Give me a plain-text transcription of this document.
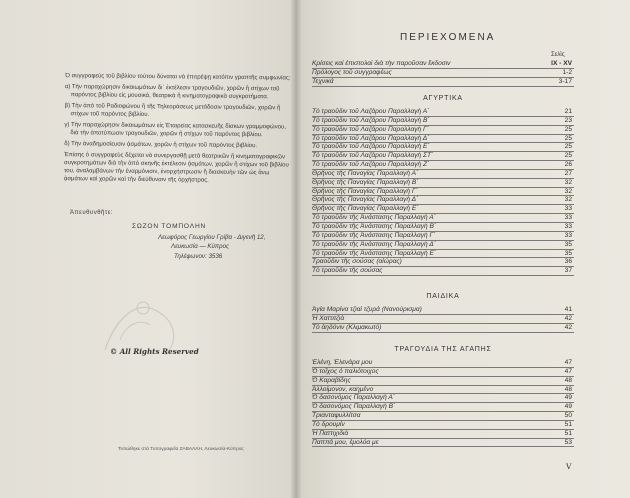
Ὁ συγγραφεὺς τοῦ βιβλίου τούτου δύναται νὰ ἐπιτρέψῃ κατόπιν γραπτῆς συμφωνίας:

α) Τὴν παραχώρησιν δικαιωμάτων δι᾽ ἐκτέλεσιν τραγουδιῶν, χορῶν ἢ στίχων τοῦ παρόντος βιβλίου εἰς μουσικά, θεατρικὰ ἢ κινηματογραφικὰ συγκροτήματα.

β) Τὴν ἀπὸ τοῦ Ραδιοφώνου ἢ τῆς Τηλεοράσεως μετάδοσιν τραγουδιῶν, χορῶν ἢ στίχων τοῦ παρόντος βιβλίου.

γ) Τὴν παραχώρησιν δικαιωμάτων εἰς Ἑταιρείας κατασκευῆς δίσκων γραμμοφώνου, διὰ τὴν ἀποτύπωσιν τραγουδιῶν, χορῶν ἢ στίχων τοῦ παρόντος βιβλίου.

δ) Τὴν ἀναδημοσίευσιν ᾀσμάτων, χορῶν ἢ στίχων τοῦ παρόντος βιβλίου.

Ἐπίσης ὁ συγγραφεὺς δέχεται νὰ συνεργασθῇ μετὰ θεατρικῶν ἢ κινηματογραφικῶν συγκροτημάτων διὰ τὴν ἀπὸ σκηνῆς ἐκτέλεσιν ᾀσμάτων, χορῶν ἢ στίχων τοῦ βιβλίου του, ἀναλαμβάνων τὴν ἐναρμόνισιν, ἐνορχήστρωσιν ἢ διασκευὴν τῶν ὡς ἄνω ᾀσμάτων καὶ χορῶν καὶ τὴν διεύθυνσιν τῆς ὀρχήστρας.

Ἀπευθυνθῆτε:
ΣΩΖΟΝ ΤΟΜΠΟΛΗΝ
Λεωφόρος Γεωργίου Γρίβα - Διγενῆ 12,
Λευκωσία — Κύπρος
Τηλέφωνον: 3536
© All Rights Reserved
Τυπώθηκε στὰ Τυπογραφεῖα ΖΑΒΑΛΛΗ, Λευκωσία-Κύπρος
ΠΕΡΙΕΧΟΜΕΝΑ
Σελὶς
Κρίσεις καὶ ἐπιστολαὶ διὰ τὴν παροῦσαν ἔκδοσιν	IX - XV
Πρόλογος τοῦ συγγραφέως	1-2
Τεχνικά	3-17
ΑΓΥΡΤΙΚΑ
Τὸ τραοῦδιν τοῦ Λαζάρου Παραλλαγὴ Α´	21
Τὸ τραοῦδιν τοῦ Λαζάρου Παραλλαγὴ Β´	23
Τὸ τραοῦδιν τοῦ Λαζάρου Παραλλαγὴ Γ´	25
Τὸ τραοῦδιν τοῦ Λαζάρου Παραλλαγὴ Δ´	25
Τὸ τραοῦδιν τοῦ Λαζάρου Παραλλαγὴ Ε´	25
Τὸ τραοῦδιν τοῦ Λαζάρου Παραλλαγὴ ΣΤ´	25
Τὸ τραοῦδιν τοῦ Λαζάρου Παραλλαγὴ Ζ´	26
Θρῆνος τῆς Παναγίας Παραλλαγὴ Α´	27
Θρῆνος τῆς Παναγίας Παραλλαγὴ Β´	32
Θρῆνος τῆς Παναγίας Παραλλαγὴ Γ´	32
Θρῆνος τῆς Παναγίας Παραλλαγὴ Δ´	32
Θρῆνος τῆς Παναγίας Παραλλαγὴ Ε´	33
Τὸ τραοῦδιν τῆς Ἀνάστασης Παραλλαγὴ Α´	33
Τὸ τραοῦδιν τῆς Ἀνάστασης Παραλλαγὴ Β´	33
Τὸ τραοῦδιν τῆς Ἀνάστασης Παραλλαγὴ Γ´	33
Τὸ τραοῦδιν τῆς Ἀνάστασης Παραλλαγὴ Δ´	35
Τὸ τραοῦδιν τῆς Ἀνάστασης Παραλλαγὴ Ε´	35
Τραοῦδιν τῆς σούσας (αἰώρας)	36
Τὸ τραοῦδιν τῆς σούσας	37
ΠΑΙΔΙΚΑ
Ἁγία Μαρίνα τζιαὶ τζυρά (Νανούρισμα)	41
Ἡ Χαττιτζιὰ	42
Τὸ ἀηδόνιν (Κλιμακωτό)	42
ΤΡΑΓΟΥΔΙΑ ΤΗΣ ΑΓΑΠΗΣ
Ἑλένη, Ἑλενάρα μου	47
Ὁ τοῖχος ὁ παλιότοιχος	47
Ὁ Καραβίδης	48
Ἀλλοίμονον, καημένο	48
Ὁ δασονόμος Παραλλαγὴ Α´	49
Ὁ δασονόμος Παραλλαγὴ Β´	49
Τριανταφυλλίτσα	50
Τὸ δρουμίν	51
Ἡ Παττιχιδιὰ	51
Παππά μου, ἐμολόα με	53
V
